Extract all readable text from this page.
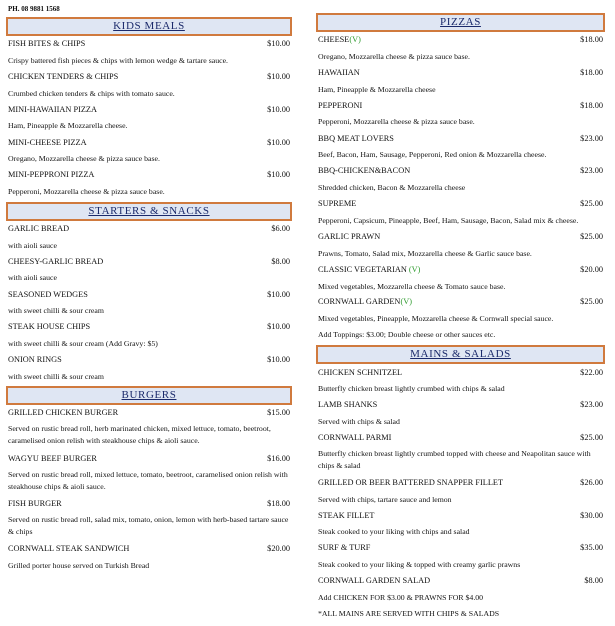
PH. 08 9881 1568
KIDS MEALS
FISH BITES & CHIPS	$10.00
Crispy battered fish pieces & chips with lemon wedge & tartare sauce.
CHICKEN TENDERS & CHIPS	$10.00
Crumbed chicken tenders & chips with tomato sauce.
MINI-HAWAIIAN PIZZA	$10.00
Ham, Pineapple & Mozzarella cheese.
MINI-CHEESE PIZZA	$10.00
Oregano, Mozzarella cheese & pizza sauce base.
MINI-PEPPRONI PIZZA	$10.00
Pepperoni, Mozzarella cheese & pizza sauce base.
STARTERS & SNACKS
GARLIC BREAD	$6.00
with aioli sauce
CHEESY-GARLIC BREAD	$8.00
with aioli sauce
SEASONED WEDGES	$10.00
with sweet chilli & sour cream
STEAK HOUSE CHIPS	$10.00
with sweet chilli & sour cream (Add Gravy: $5)
ONION RINGS	$10.00
with sweet chilli & sour cream
BURGERS
GRILLED CHICKEN BURGER	$15.00
Served on rustic bread roll, herb marinated chicken, mixed lettuce, tomato, beetroot, caramelised onion relish with steakhouse chips & aioli sauce.
WAGYU BEEF BURGER	$16.00
Served on rustic bread roll, mixed lettuce, tomato, beetroot, caramelised onion relish with steakhouse chips & aioli sauce.
FISH BURGER	$18.00
Served on rustic bread roll, salad mix, tomato, onion, lemon with herb-based tartare sauce & chips
CORNWALL STEAK SANDWICH	$20.00
Grilled porter house served on Turkish Bread
PIZZAS
CHEESE(V)	$18.00
Oregano, Mozzarella cheese & pizza sauce base.
HAWAIIAN	$18.00
Ham, Pineapple & Mozzarella cheese
PEPPERONI	$18.00
Pepperoni, Mozzarella cheese & pizza sauce base.
BBQ MEAT LOVERS	$23.00
Beef, Bacon, Ham, Sausage, Pepperoni, Red onion & Mozzarella cheese.
BBQ-CHICKEN&BACON	$23.00
Shredded chicken, Bacon & Mozzarella cheese
SUPREME	$25.00
Pepperoni, Capsicum, Pineapple, Beef, Ham, Sausage, Bacon, Salad mix & cheese.
GARLIC PRAWN	$25.00
Prawns, Tomato, Salad mix, Mozzarella cheese & Garlic sauce base.
CLASSIC VEGETARIAN (V)	$20.00
Mixed vegetables, Mozzarella cheese & Tomato sauce base.
CORNWALL GARDEN(V)	$25.00
Mixed vegetables, Pineapple, Mozzarella cheese & Cornwall special sauce.
Add Toppings: $3.00; Double cheese or other sauces etc.
MAINS & SALADS
CHICKEN SCHNITZEL	$22.00
Butterfly chicken breast lightly crumbed with chips & salad
LAMB SHANKS	$23.00
Served with chips & salad
CORNWALL PARMI	$25.00
Butterfly chicken breast lightly crumbed topped with cheese and Neapolitan sauce with chips & salad
GRILLED OR BEER BATTERED SNAPPER FILLET	$26.00
Served with chips, tartare sauce and lemon
STEAK FILLET	$30.00
Steak cooked to your liking with chips and salad
SURF & TURF	$35.00
Steak cooked to your liking & topped with creamy garlic prawns
CORNWALL GARDEN SALAD	$8.00
Add CHICKEN FOR $3.00 & PRAWNS FOR $4.00
*ALL MAINS ARE SERVED WITH CHIPS & SALADS
